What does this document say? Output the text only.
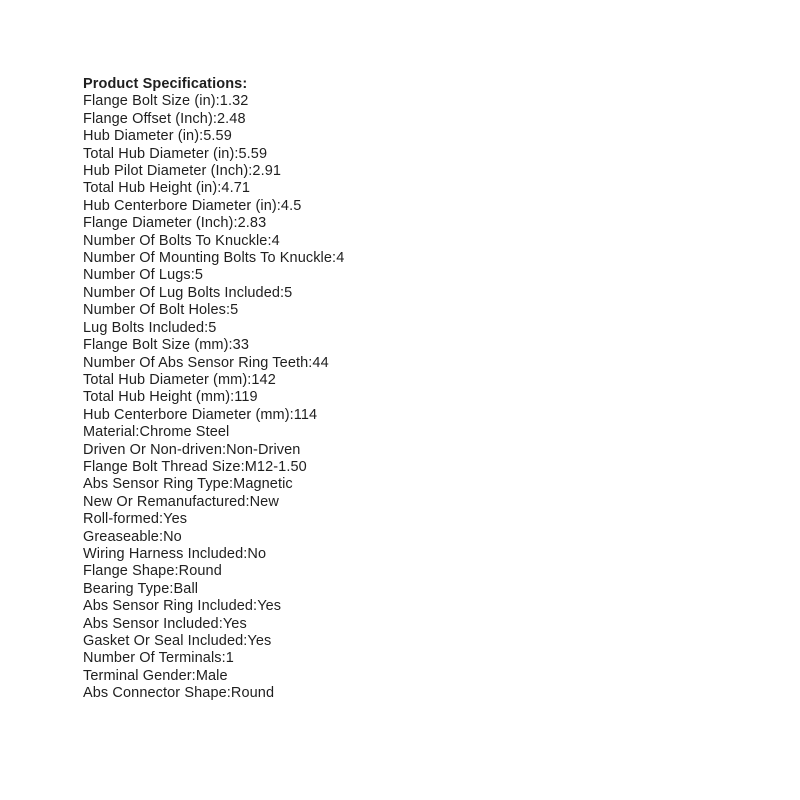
Product Specifications:
Flange Bolt Size (in):1.32
Flange Offset (Inch):2.48
Hub Diameter (in):5.59
Total Hub Diameter (in):5.59
Hub Pilot Diameter (Inch):2.91
Total Hub Height (in):4.71
Hub Centerbore Diameter (in):4.5
Flange Diameter (Inch):2.83
Number Of Bolts To Knuckle:4
Number Of Mounting Bolts To Knuckle:4
Number Of Lugs:5
Number Of Lug Bolts Included:5
Number Of Bolt Holes:5
Lug Bolts Included:5
Flange Bolt Size (mm):33
Number Of Abs Sensor Ring Teeth:44
Total Hub Diameter (mm):142
Total Hub Height (mm):119
Hub Centerbore Diameter (mm):114
Material:Chrome Steel
Driven Or Non-driven:Non-Driven
Flange Bolt Thread Size:M12-1.50
Abs Sensor Ring Type:Magnetic
New Or Remanufactured:New
Roll-formed:Yes
Greaseable:No
Wiring Harness Included:No
Flange Shape:Round
Bearing Type:Ball
Abs Sensor Ring Included:Yes
Abs Sensor Included:Yes
Gasket Or Seal Included:Yes
Number Of Terminals:1
Terminal Gender:Male
Abs Connector Shape:Round
